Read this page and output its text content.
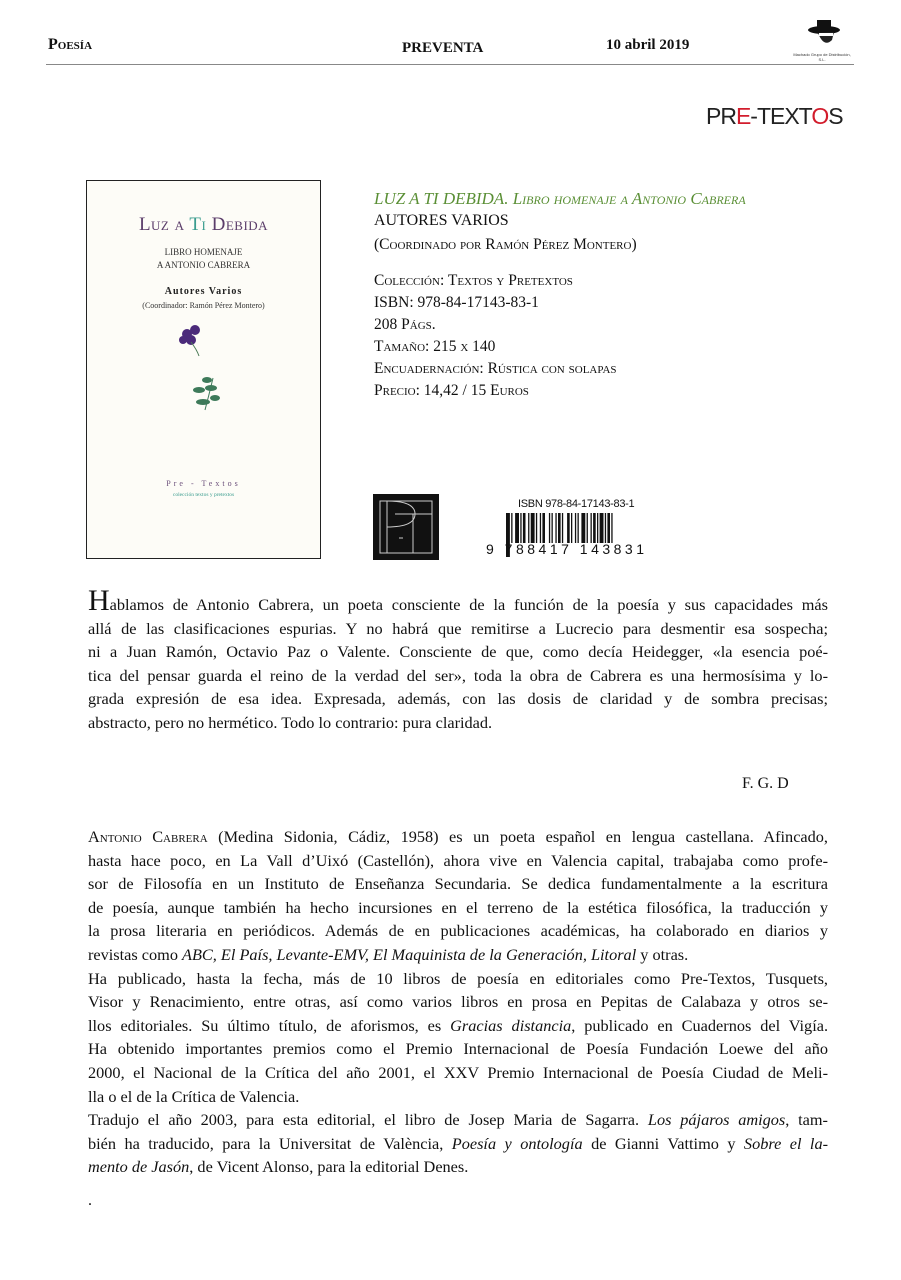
Poesía	PREVENTA	10 abril 2019
Machado Grupo de Distribución, S.L.
PRE-TEXTOS
Luz a Ti Debida
LIBRO HOMENAJE
A ANTONIO CABRERA
Autores Varios
(Coordinador: Ramón Pérez Montero)
Pre - Textos
colección textos y pretextos
LUZ A TI DEBIDA. Libro homenaje a Antonio Cabrera
AUTORES VARIOS
(Coordinado por Ramón Pérez Montero)
Colección: Textos y Pretextos
ISBN: 978-84-17143-83-1
208 Págs.
Tamaño: 215 x 140
Encuadernación: Rústica con solapas
Precio: 14,42 / 15 Euros
ISBN 978-84-17143-83-1
9 788417 143831
Hablamos de Antonio Cabrera, un poeta consciente de la función de la poesía y sus capacidades más
allá de las clasificaciones espurias. Y no habrá que remitirse a Lucrecio para desmentir esa sospecha;
ni a Juan Ramón, Octavio Paz o Valente. Consciente de que, como decía Heidegger, «la esencia poé-
tica del pensar guarda el reino de la verdad del ser», toda la obra de Cabrera es una hermosísima y lo-
grada expresión de esa idea. Expresada, además, con las dosis de claridad y de sombra precisas;
abstracto, pero no hermético. Todo lo contrario: pura claridad.
F. G. D
Antonio Cabrera (Medina Sidonia, Cádiz, 1958) es un poeta español en lengua castellana. Afincado,
hasta hace poco, en La Vall d’Uixó (Castellón), ahora vive en Valencia capital, trabajaba como profe-
sor de Filosofía en un Instituto de Enseñanza Secundaria. Se dedica fundamentalmente a la escritura
de poesía, aunque también ha hecho incursiones en el terreno de la estética filosófica, la traducción y
la prosa literaria en periódicos. Además de en publicaciones académicas, ha colaborado en diarios y
revistas como ABC, El País, Levante-EMV, El Maquinista de la Generación, Litoral y otras.
Ha publicado, hasta la fecha, más de 10 libros de poesía en editoriales como Pre-Textos, Tusquets,
Visor y Renacimiento, entre otras, así como varios libros en prosa en Pepitas de Calabaza y otros se-
llos editoriales. Su último título, de aforismos, es Gracias distancia, publicado en Cuadernos del Vigía.
Ha obtenido importantes premios como el Premio Internacional de Poesía Fundación Loewe del año
2000, el Nacional de la Crítica del año 2001, el XXV Premio Internacional de Poesía Ciudad de Meli-
lla o el de la Crítica de Valencia.
Tradujo el año 2003, para esta editorial, el libro de Josep Maria de Sagarra. Los pájaros amigos, tam-
bién ha traducido, para la Universitat de València, Poesía y ontología de Gianni Vattimo y Sobre el la-
mento de Jasón, de Vicent Alonso, para la editorial Denes.
.
